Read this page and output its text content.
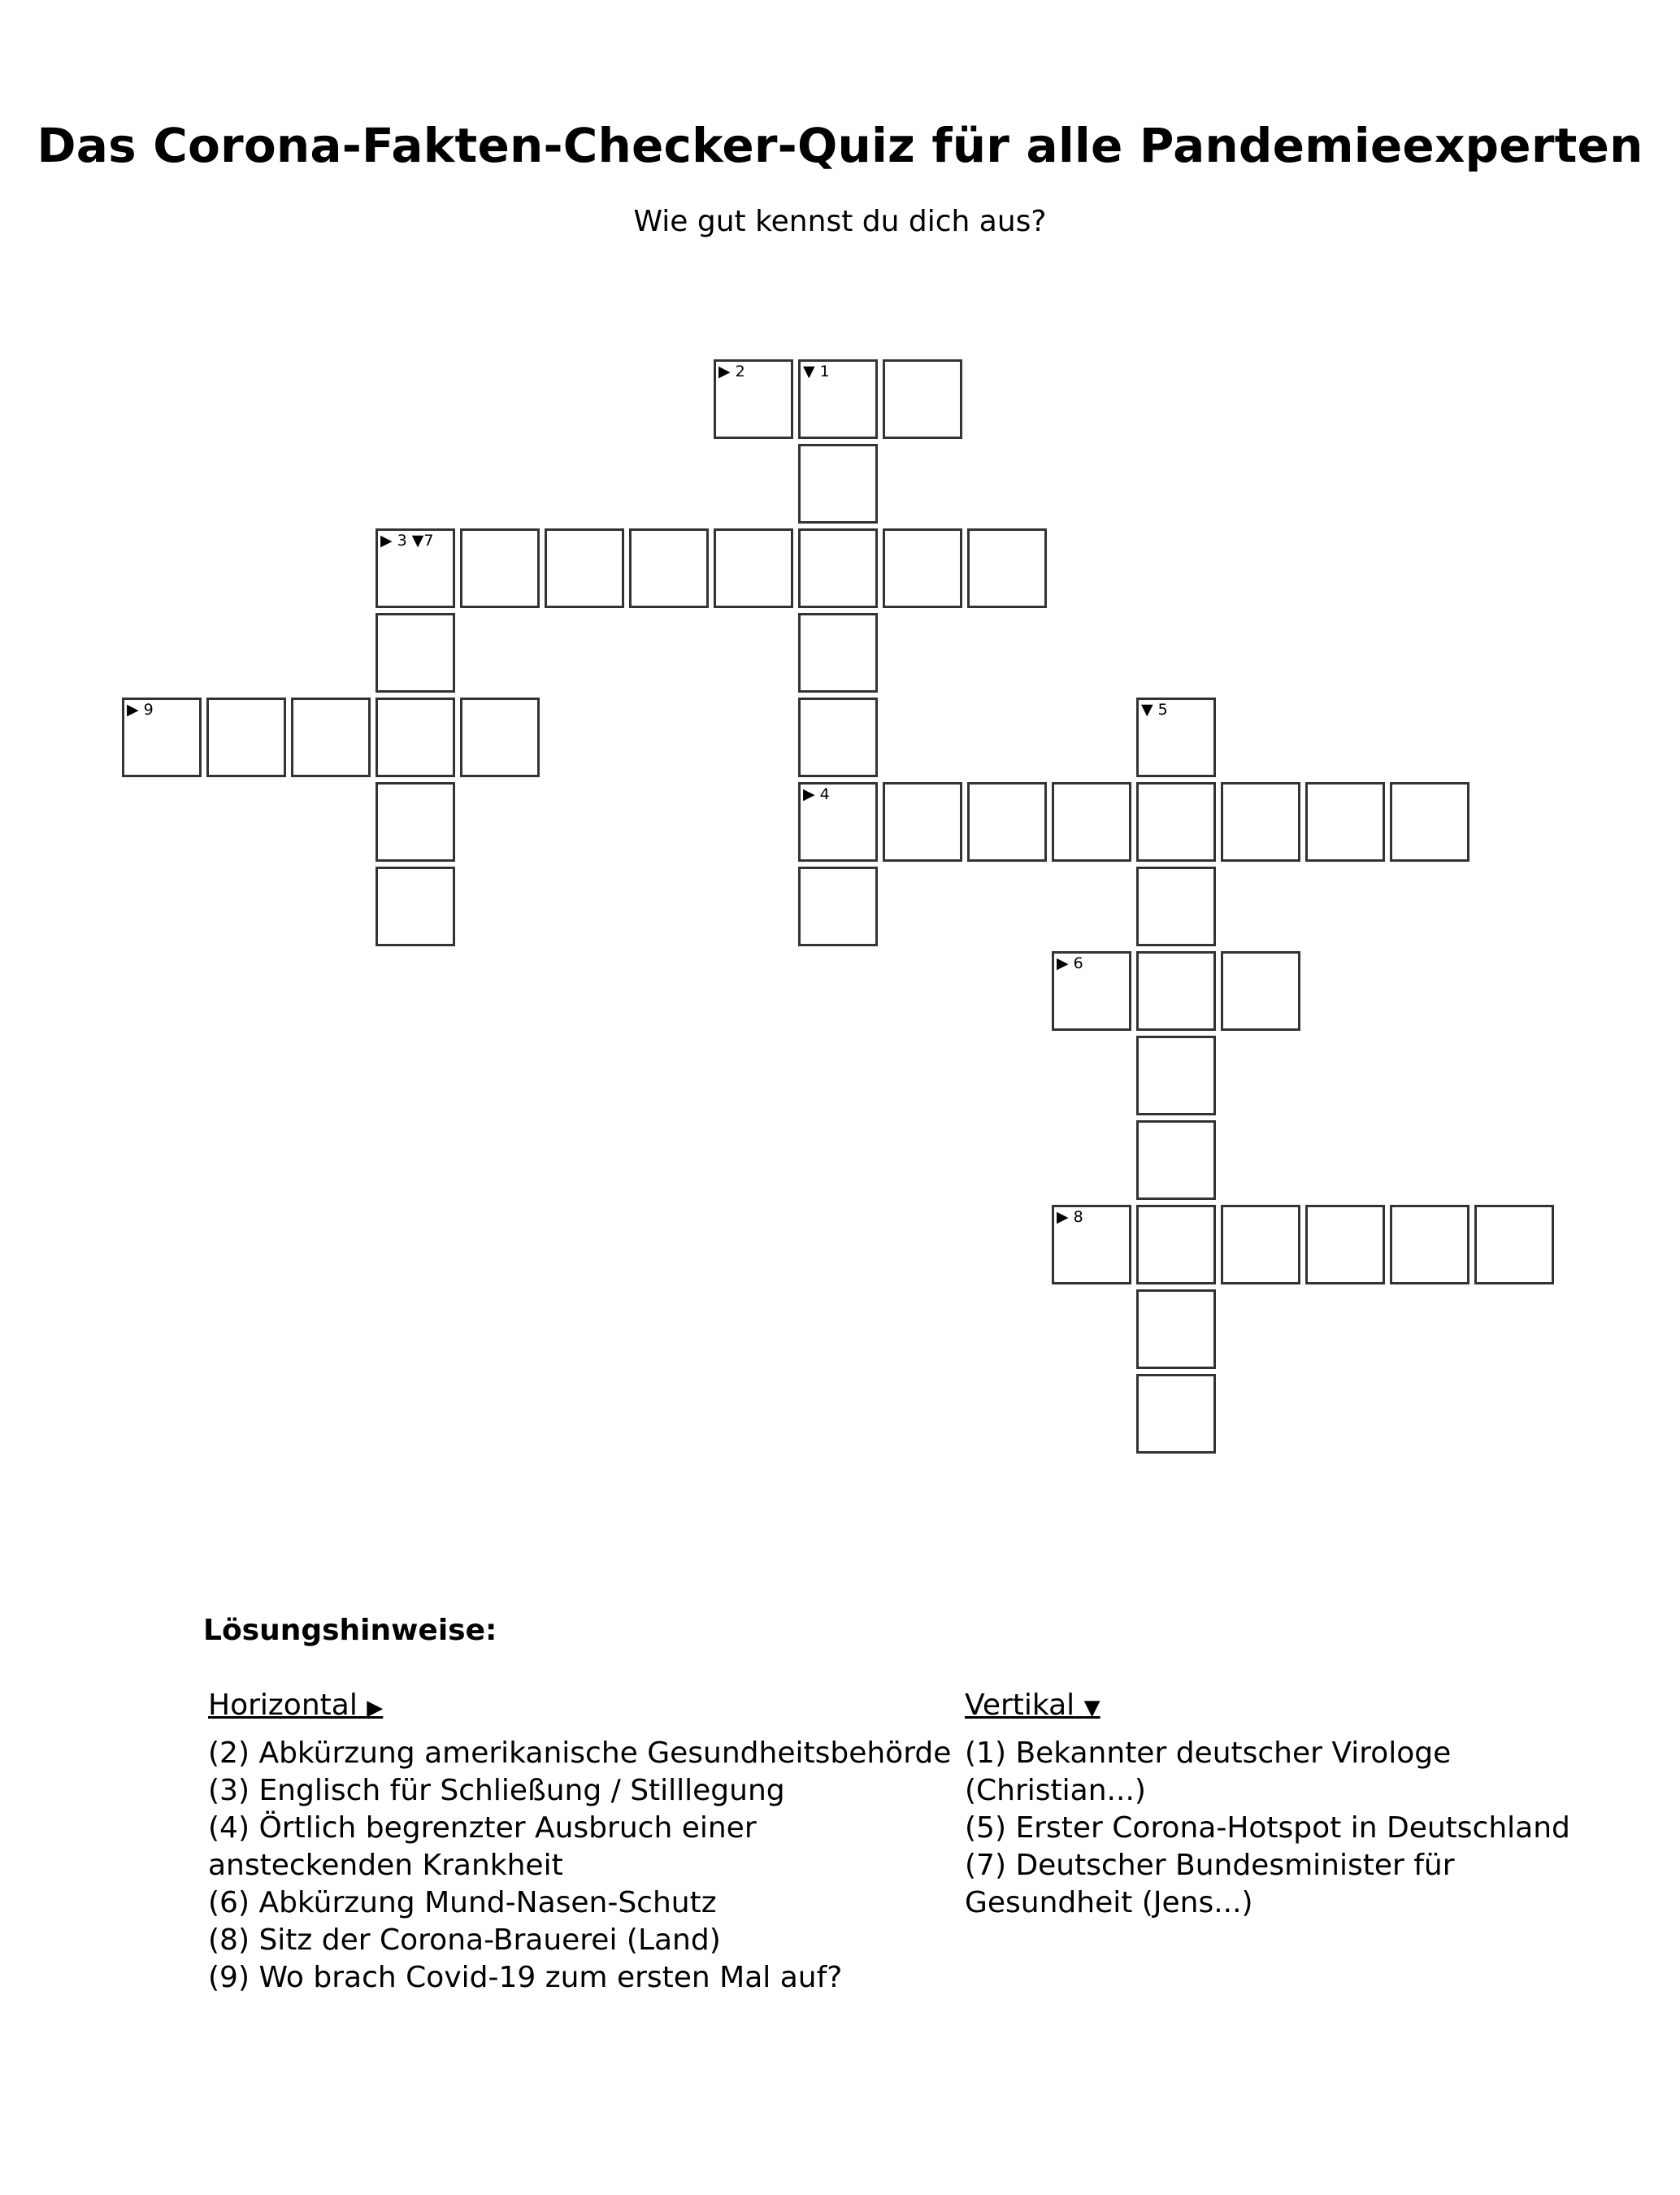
Das Corona-Fakten-Checker-Quiz für alle Pandemieexperten

Wie gut kennst du dich aus?

▶ 2	▼ 1
▶ 3 ▼7
▶ 9	▼ 5
▶ 4
▶ 6
▶ 8
Lösungshinweise:
Horizontal ▶
(2) Abkürzung amerikanische Gesundheitsbehörde
(3) Englisch für Schließung / Stilllegung
(4) Örtlich begrenzter Ausbruch einer ansteckenden Krankheit
(6) Abkürzung Mund-Nasen-Schutz
(8) Sitz der Corona-Brauerei (Land)
(9) Wo brach Covid-19 zum ersten Mal auf?
Vertikal ▼
(1) Bekannter deutscher Virologe (Christian...)
(5) Erster Corona-Hotspot in Deutschland
(7) Deutscher Bundesminister für Gesundheit (Jens...)
